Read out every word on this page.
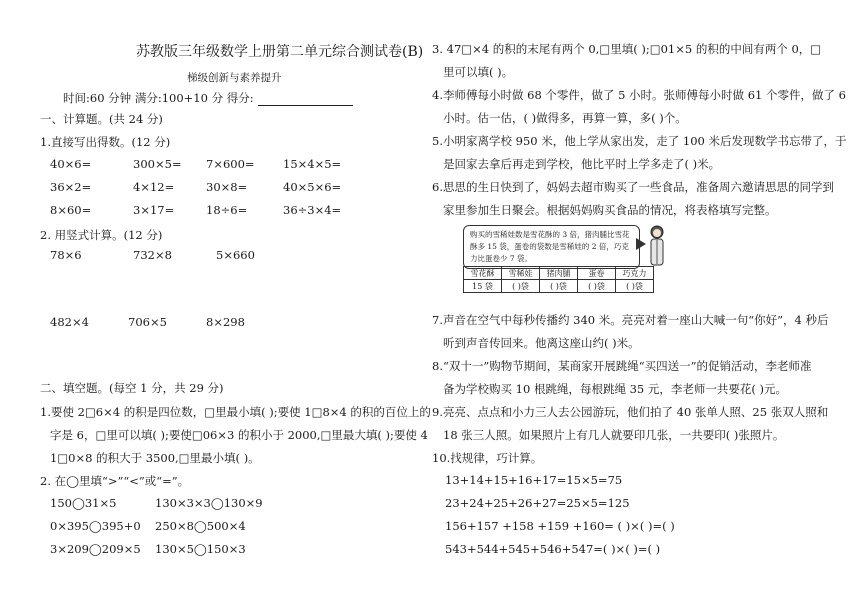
苏教版三年级数学上册第二单元综合测试卷(B)
梯级创新与素养提升
时间:60 分钟 满分:100+10 分 得分:
一、计算题。(共 24 分)
1.直接写出得数。(12 分)
40×6=	300×5= 7×600= 15×4×5=
36×2=	4×12=	30×8=	40×5×6=
8×60=	3×17=	18÷6=	36÷3×4=
2. 用竖式计算。(12 分)
78×6	732×8	5×660
482×4	706×5	8×298
二、填空题。(每空 1 分，共 29 分)
1.要使 2□6×4 的积是四位数，□里最小填( );要使 1□8×4 的积的百位上的
字是 6，□里可以填( );要使□06×3 的积小于 2000,□里最大填( );要使 4
1□0×8 的积大于 3500,□里最小填( )。
2. 在◯里填“>”“<”或“=”。
150◯31×5	130×3×3◯130×9
0×395◯395+0 250×8◯500×4
3×209◯209×5 130×5◯150×3
3. 47□×4 的积的末尾有两个 0,□里填( );□01×5 的积的中间有两个 0，□
里可以填( )。
4.李师傅每小时做 68 个零件，做了 5 小时。张师傅每小时做 61 个零件，做了 6
小时。估一估，( )做得多，再算一算，多( )个。
5.小明家离学校 950 米，他上学从家出发，走了 100 米后发现数学书忘带了，于
是回家去拿后再走到学校，他比平时上学多走了( )米。
6.思思的生日快到了，妈妈去超市购买了一些食品，准备周六邀请思思的同学到
家里参加生日聚会。根据妈妈购买食品的情况，将表格填写完整。
购买的雪稀娃数是雪花酥的 3 倍，猪肉脯比雪花酥多 15 袋，蛋卷的袋数是雪稀娃的 2 倍，巧克力比蛋卷少 7 袋。
雪花酥	雪稀娃	猪肉脯	蛋卷	巧克力
15 袋	( )袋	( )袋	( )袋	( )袋
7.声音在空气中每秒传播约 340 米。亮亮对着一座山大喊一句“你好”，4 秒后
听到声音传回来。他离这座山约( )米。
8.“双十一”购物节期间，某商家开展跳绳“买四送一”的促销活动，李老师准
备为学校购买 10 根跳绳，每根跳绳 35 元，李老师一共要花( )元。
9.亮亮、点点和小力三人去公园游玩，他们拍了 40 张单人照、25 张双人照和
18 张三人照。如果照片上有几人就要印几张，一共要印( )张照片。
10.找规律，巧计算。
13+14+15+16+17=15×5=75
23+24+25+26+27=25×5=125
156+157 +158 +159 +160= ( )×( )=( )
543+544+545+546+547=( )×( )=( )
